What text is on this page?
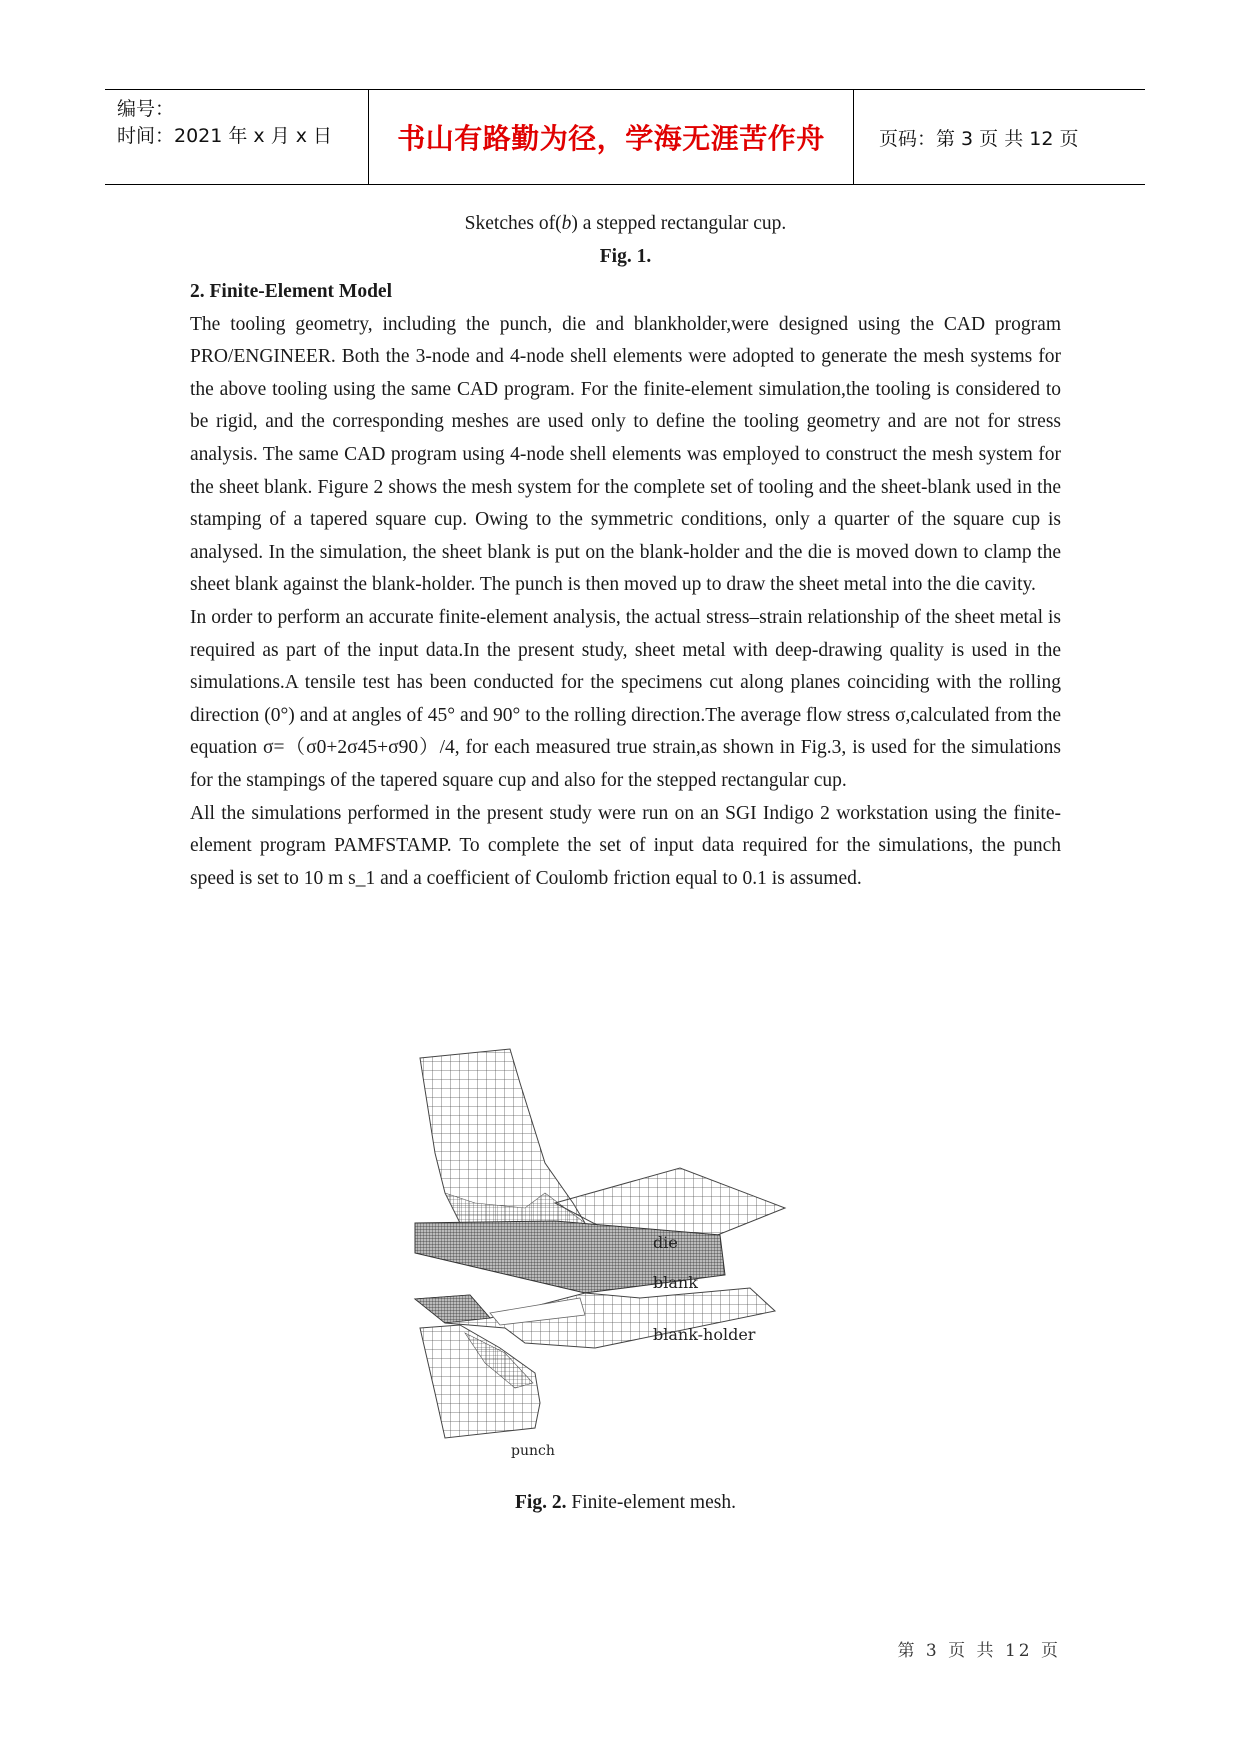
编号：
时间：2021 年 x 月 x 日 书山有路勤为径，学海无涯苦作舟	页码：第 3 页 共 12 页
Sketches of(b) a stepped rectangular cup.
Fig. 1.
2. Finite-Element Model

The tooling geometry, including the punch, die and blankholder,were designed using the CAD program PRO/ENGINEER. Both the 3-node and 4-node shell elements were adopted to generate the mesh systems for the above tooling using the same CAD program. For the finite-element simulation,the tooling is considered to be rigid, and the corresponding meshes are used only to define the tooling geometry and are not for stress analysis. The same CAD program using 4-node shell elements was employed to construct the mesh system for the sheet blank. Figure 2 shows the mesh system for the complete set of tooling and the sheet-blank used in the stamping of a tapered square cup. Owing to the symmetric conditions, only a quarter of the square cup is analysed. In the simulation, the sheet blank is put on the blank-holder and the die is moved down to clamp the sheet blank against the blank-holder. The punch is then moved up to draw the sheet metal into the die cavity.

In order to perform an accurate finite-element analysis, the actual stress–strain relationship of the sheet metal is required as part of the input data.In the present study, sheet metal with deep-drawing quality is used in the simulations.A tensile test has been conducted for the specimens cut along planes coinciding with the rolling direction (0°) and at angles of 45° and 90° to the rolling direction.The average flow stress σ,calculated from the equation σ=（σ0+2σ45+σ90）/4, for each measured true strain,as shown in Fig.3, is used for the simulations for the stampings of the tapered square cup and also for the stepped rectangular cup.

All the simulations performed in the present study were run on an SGI Indigo 2 workstation using the finite-element program PAMFSTAMP. To complete the set of input data required for the simulations, the punch speed is set to 10 m s_1 and a coefficient of Coulomb friction equal to 0.1 is assumed.

die
blank
blank-holder
punch
Fig. 2. Finite-element mesh.
第 3 页 共 12 页
